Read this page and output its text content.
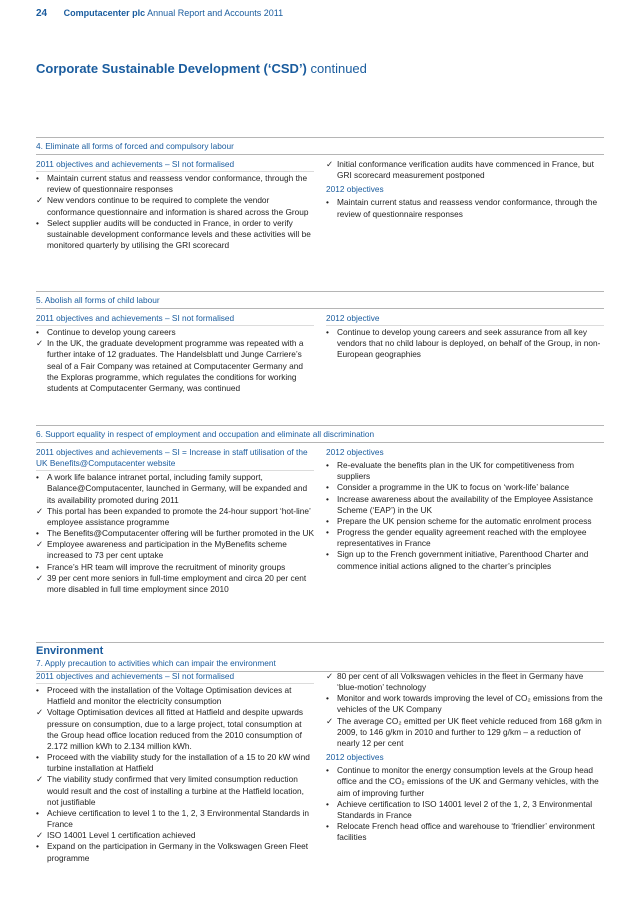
24 Computacenter plc Annual Report and Accounts 2011
Corporate Sustainable Development (‘CSD’) continued
4. Eliminate all forms of forced and compulsory labour
2011 objectives and achievements – SI not formalised
• Maintain current status and reassess vendor conformance, through the review of questionnaire responses
✓ New vendors continue to be required to complete the vendor conformance questionnaire and information is shared across the Group
• Select supplier audits will be conducted in France, in order to verify sustainable development conformance levels and these activities will be monitored quarterly by utilising the GRI scorecard
✓ Initial conformance verification audits have commenced in France, but GRI scorecard measurement postponed
2012 objectives
• Maintain current status and reassess vendor conformance, through the review of questionnaire responses
5. Abolish all forms of child labour
2011 objectives and achievements – SI not formalised
• Continue to develop young careers
✓ In the UK, the graduate development programme was repeated with a further intake of 12 graduates. The Handelsblatt und Junge Carriere’s seal of a Fair Company was retained at Computacenter Germany and the Exploras programme, which regulates the conditions for working students at Computacenter Germany, was continued
2012 objective
• Continue to develop young careers and seek assurance from all key vendors that no child labour is deployed, on behalf of the Group, in non-European geographies
6. Support equality in respect of employment and occupation and eliminate all discrimination
2011 objectives and achievements – SI = Increase in staff utilisation of the UK Benefits@Computacenter website
• A work life balance intranet portal, including family support, Balance@Computacenter, launched in Germany, will be expanded and its availability promoted during 2011
✓ This portal has been expanded to promote the 24-hour support ‘hot-line’ employee assistance programme
• The Benefits@Computacenter offering will be further promoted in the UK
✓ Employee awareness and participation in the MyBenefits scheme increased to 73 per cent uptake
• France’s HR team will improve the recruitment of minority groups
✓ 39 per cent more seniors in full-time employment and circa 20 per cent more disabled in full time employment since 2010
2012 objectives
• Re-evaluate the benefits plan in the UK for competitiveness from suppliers
• Consider a programme in the UK to focus on ‘work-life’ balance
• Increase awareness about the availability of the Employee Assistance Scheme (‘EAP’) in the UK
• Prepare the UK pension scheme for the automatic enrolment process
• Progress the gender equality agreement reached with the employee representatives in France
• Sign up to the French government initiative, Parenthood Charter and commence initial actions aligned to the charter’s principles
Environment
7. Apply precaution to activities which can impair the environment
2011 objectives and achievements – SI not formalised
• Proceed with the installation of the Voltage Optimisation devices at Hatfield and monitor the electricity consumption
✓ Voltage Optimisation devices all fitted at Hatfield and despite upwards pressure on consumption, due to a large project, total consumption at the Group head office location reduced from the 2010 consumption of 2.172 million kWh to 2.134 million kWh.
• Proceed with the viability study for the installation of a 15 to 20 kW wind turbine installation at Hatfield
✓ The viability study confirmed that very limited consumption reduction would result and the cost of installing a turbine at the Hatfield location, not justifiable
• Achieve certification to level 1 to the 1, 2, 3 Environmental Standards in France
✓ ISO 14001 Level 1 certification achieved
• Expand on the participation in Germany in the Volkswagen Green Fleet programme
✓ 80 per cent of all Volkswagen vehicles in the fleet in Germany have ‘blue-motion’ technology
• Monitor and work towards improving the level of CO₂ emissions from the vehicles of the UK Company
✓ The average CO₂ emitted per UK fleet vehicle reduced from 168 g/km in 2009, to 146 g/km in 2010 and further to 129 g/km – a reduction of nearly 12 per cent
2012 objectives
• Continue to monitor the energy consumption levels at the Group head office and the CO₂ emissions of the UK and Germany vehicles, with the aim of improving further
• Achieve certification to ISO 14001 level 2 of the 1, 2, 3 Environmental Standards in France
• Relocate French head office and warehouse to ‘friendlier’ environment facilities
